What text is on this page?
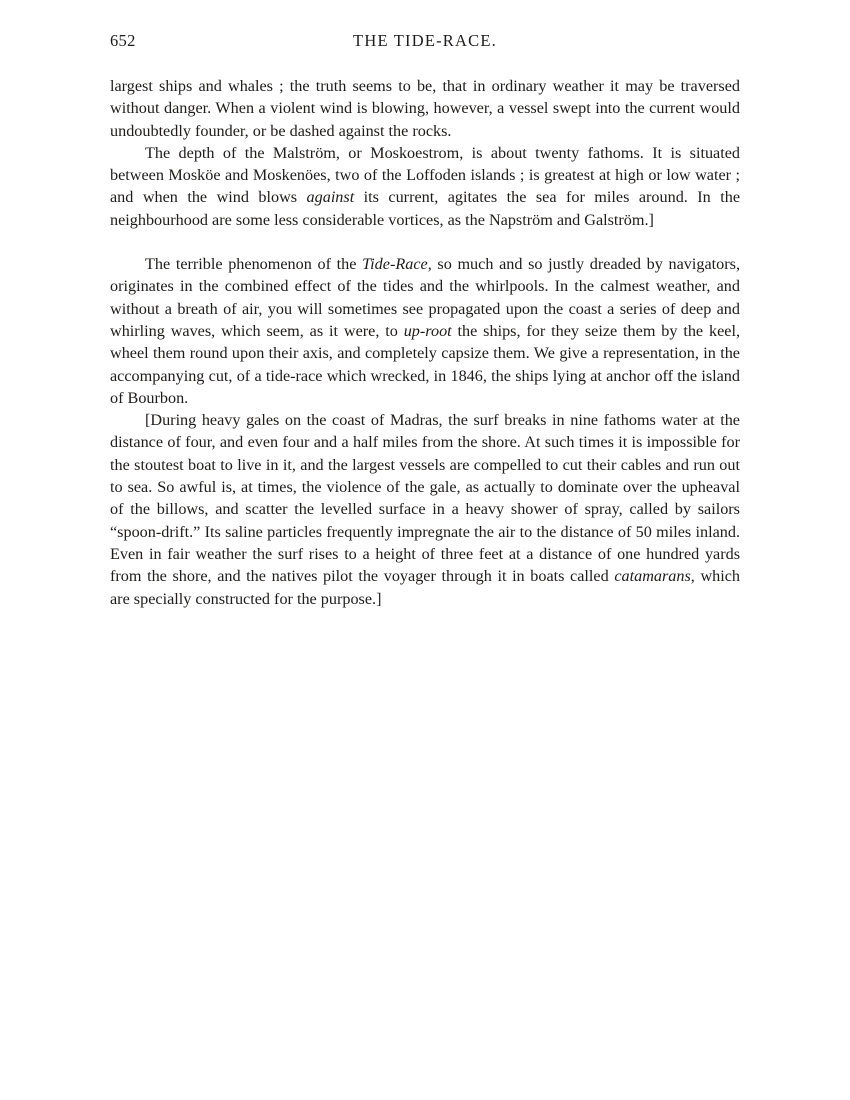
652	THE TIDE-RACE.

largest ships and whales ; the truth seems to be, that in ordinary weather it may be traversed without danger. When a violent wind is blowing, however, a vessel swept into the current would undoubtedly founder, or be dashed against the rocks.

The depth of the Malström, or Moskoestrom, is about twenty fathoms. It is situated between Mosköe and Moskenöes, two of the Loffoden islands ; is greatest at high or low water ; and when the wind blows against its current, agitates the sea for miles around. In the neighbourhood are some less considerable vortices, as the Napström and Galström.]

The terrible phenomenon of the Tide-Race, so much and so justly dreaded by navigators, originates in the combined effect of the tides and the whirlpools. In the calmest weather, and without a breath of air, you will sometimes see propagated upon the coast a series of deep and whirling waves, which seem, as it were, to up-root the ships, for they seize them by the keel, wheel them round upon their axis, and completely capsize them. We give a representation, in the accompanying cut, of a tide-race which wrecked, in 1846, the ships lying at anchor off the island of Bourbon.

[During heavy gales on the coast of Madras, the surf breaks in nine fathoms water at the distance of four, and even four and a half miles from the shore. At such times it is impossible for the stoutest boat to live in it, and the largest vessels are compelled to cut their cables and run out to sea. So awful is, at times, the violence of the gale, as actually to dominate over the upheaval of the billows, and scatter the levelled surface in a heavy shower of spray, called by sailors “spoon-drift.” Its saline particles frequently impregnate the air to the distance of 50 miles inland. Even in fair weather the surf rises to a height of three feet at a distance of one hundred yards from the shore, and the natives pilot the voyager through it in boats called catamarans, which are specially constructed for the purpose.]
